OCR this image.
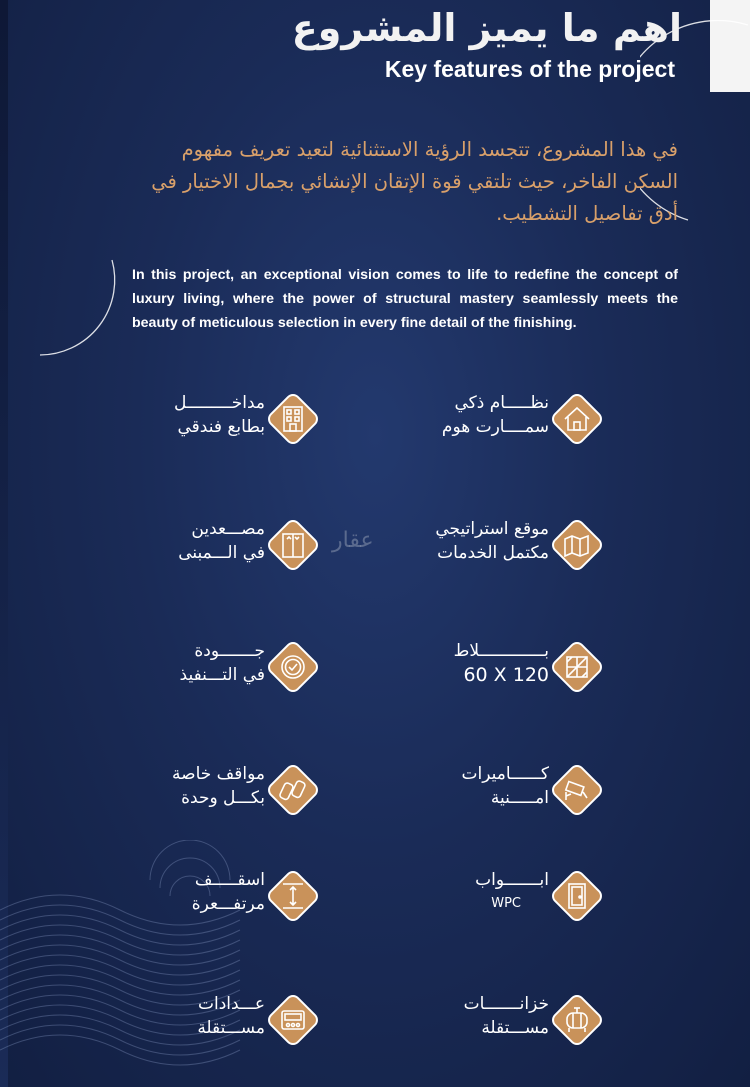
اهم ما يميز المشروع
Key features of the project
في هذا المشروع، تتجسد الرؤية الاستثنائية لتعيد تعريف مفهوم
السكن الفاخر، حيث تلتقي قوة الإتقان الإنشائي بجمال الاختيار في
أدق تفاصيل التشطيب.
In this project, an exceptional vision comes to life to redefine the concept of luxury living, where the power of structural mastery seamlessly meets the beauty of meticulous selection in every fine detail of the finishing.
عقار
مداخـــــــــل
بطابع فندقي
مصـــعدين
في الـــمبنى
جـــــــودة
في التـــنفيذ
مواقف خاصة
بكـــل وحدة
اسقـــــف
مرتفـــعرة
عـــدادات
مســـتقلة
نظـــــام ذكي
سمــــارت هوم
موقع استراتيجي
مكتمل الخدمات
بـــــــــــــلاط
60 X 120
كــــــاميرات
امـــــنية
ابـــــــواب
WPC
خزانـــــــات
مســـتقلة
